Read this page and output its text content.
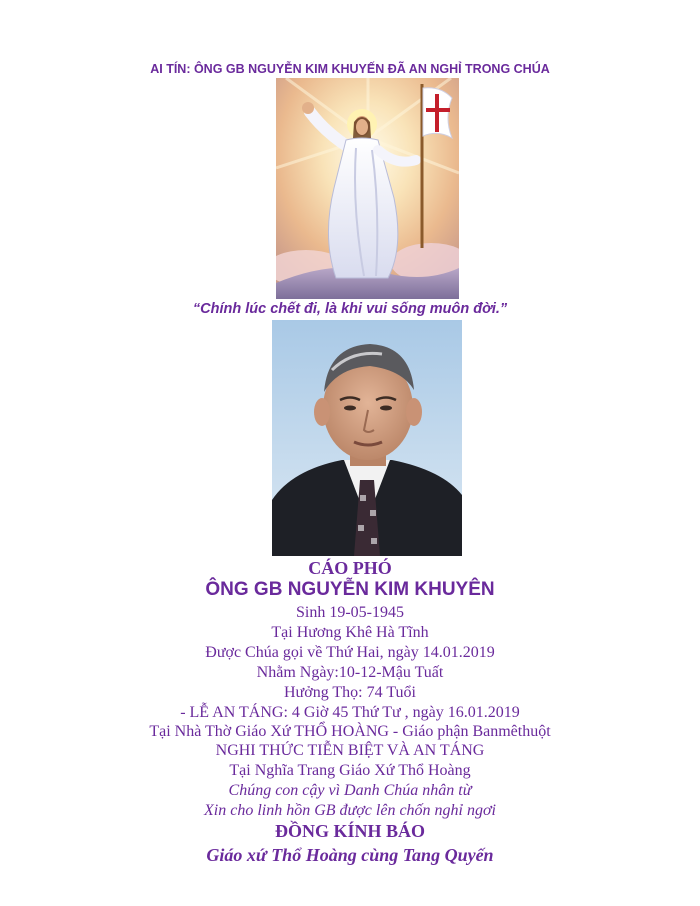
AI TÍN: ÔNG GB NGUYỄN KIM KHUYẾN ĐÃ AN NGHỈ TRONG CHÚA
“Chính lúc chết đi, là khi vui sống muôn đời.”
CÁO PHÓ
ÔNG GB NGUYỄN KIM KHUYÊN
Sinh 19-05-1945
Tại Hương Khê Hà Tĩnh
Được Chúa gọi về Thứ Hai, ngày 14.01.2019
Nhằm Ngày:10-12-Mậu Tuất
Hưởng Thọ: 74 Tuổi
- LỄ AN TÁNG: 4 Giờ 45 Thứ Tư , ngày 16.01.2019
Tại Nhà Thờ Giáo Xứ THỔ HOÀNG - Giáo phận Banmêthuột
NGHI THỨC TIỄN BIỆT VÀ AN TÁNG
Tại Nghĩa Trang Giáo Xứ Thổ Hoàng
Chúng con cậy vì Danh Chúa nhân từ
Xin cho linh hồn GB được lên chốn nghỉ ngơi
ĐỒNG KÍNH BÁO
Giáo xứ Thổ Hoàng cùng Tang Quyến
